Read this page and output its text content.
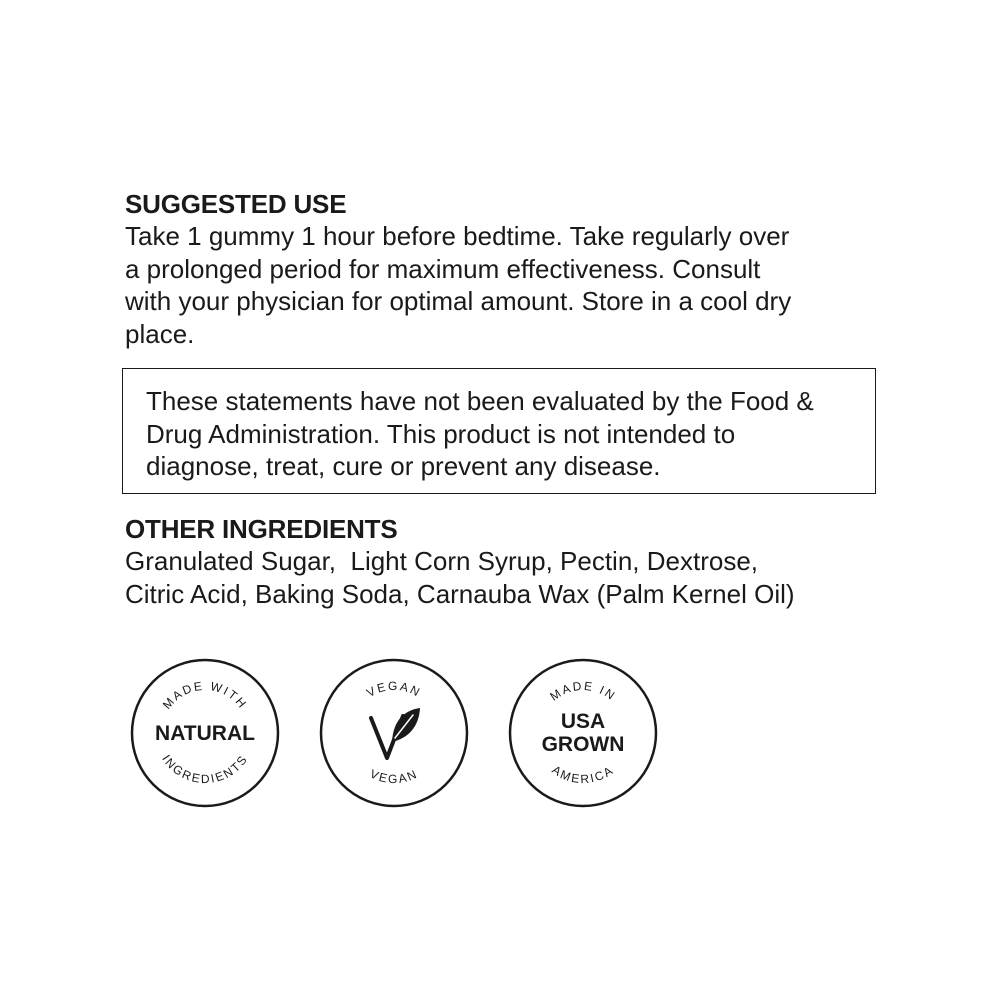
SUGGESTED USE

Take 1 gummy 1 hour before bedtime. Take regularly over
a prolonged period for maximum effectiveness. Consult
with your physician for optimal amount. Store in a cool dry
place.

These statements have not been evaluated by the Food &
Drug Administration. This product is not intended to
diagnose, treat, cure or prevent any disease.

OTHER INGREDIENTS

Granulated Sugar,  Light Corn Syrup, Pectin, Dextrose,
Citric Acid, Baking Soda, Carnauba Wax (Palm Kernel Oil)

MADE WITH
NATURAL
INGREDIENTS
VEGAN
VEGAN
MADE IN
USA
GROWN
AMERICA
